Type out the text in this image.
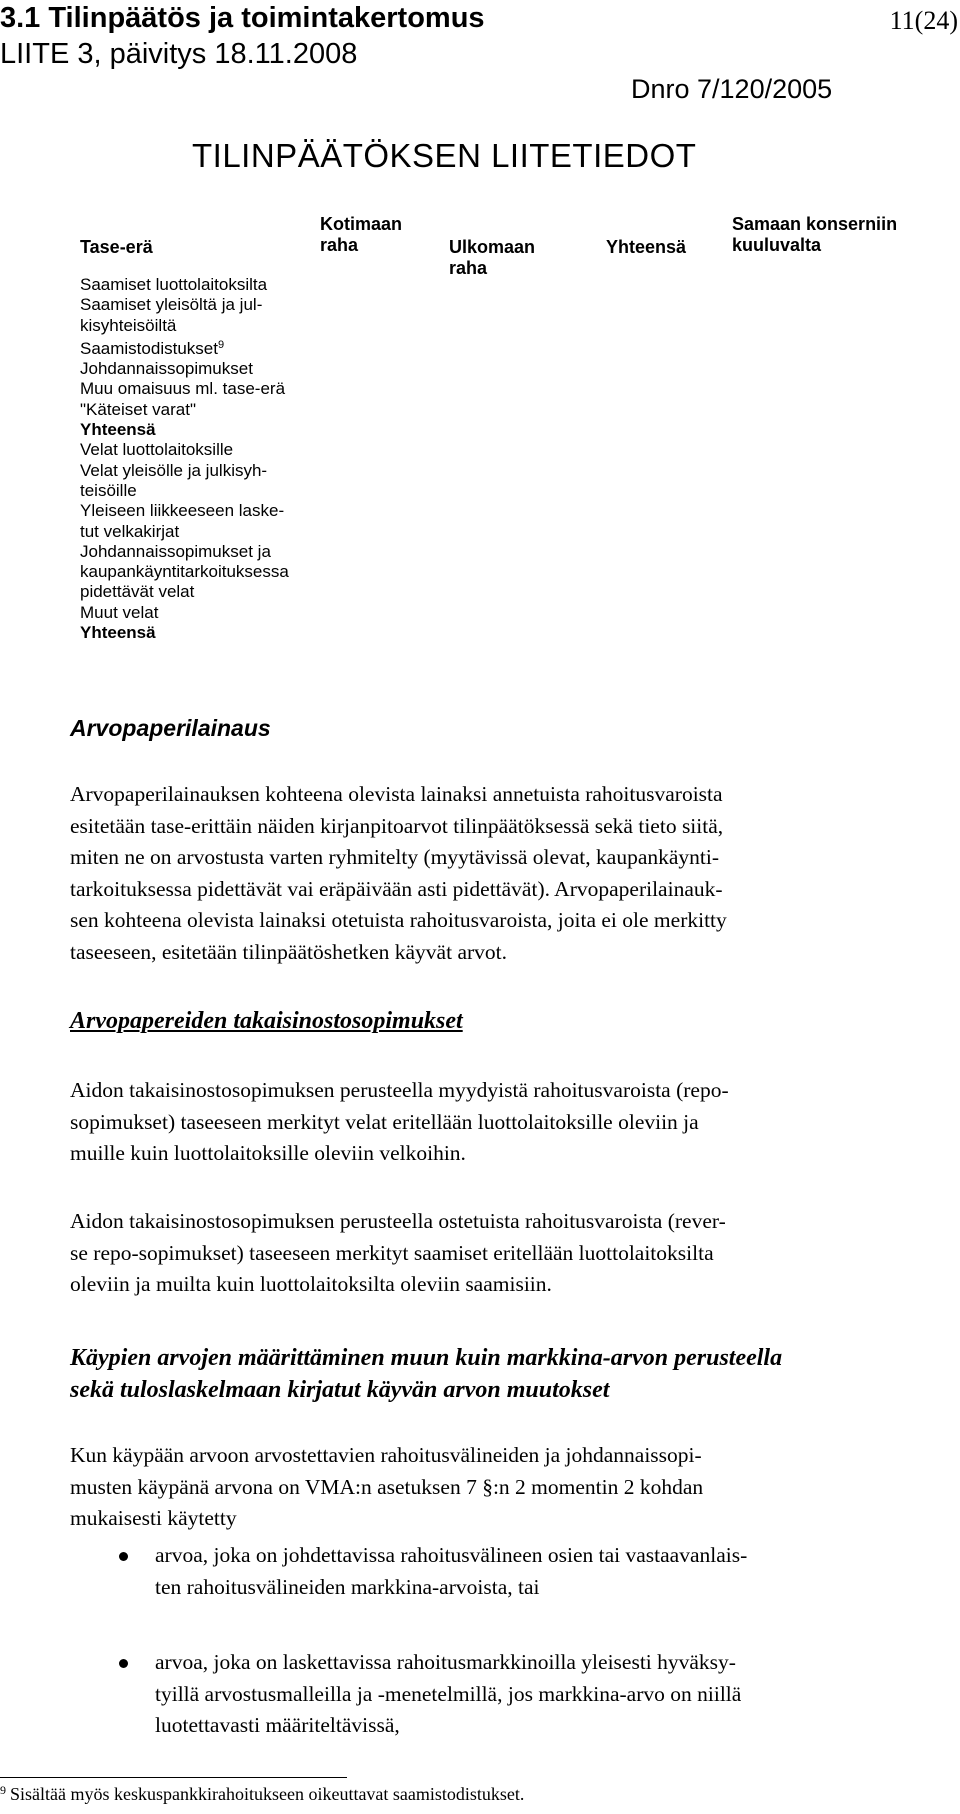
3.1 Tilinpäätös ja toimintakertomus
LIITE 3, päivitys 18.11.2008
11(24)
Dnro 7/120/2005
TILINPÄÄTÖKSEN LIITETIEDOT
Tase-erä
Kotimaan
raha	Ulkomaan
raha
Yhteensä
Samaan konserniin
kuuluvalta
Saamiset luottolaitoksilta
Saamiset yleisöltä ja jul-
kisyhteisöiltä
Saamistodistukset$^9$
Johdannaissopimukset
Muu omaisuus ml. tase-erä
"Käteiset varat"
Yhteensä
Velat luottolaitoksille
Velat yleisölle ja julkisyh-
teisöille
Yleiseen liikkeeseen laske-
tut velkakirjat
Johdannaissopimukset ja
kaupankäyntitarkoituksessa
pidettävät velat
Muut velat
Yhteensä
Arvopaperilainaus
Arvopaperilainauksen kohteena olevista lainaksi annetuista rahoitusvaroista
esitetään tase-erittäin näiden kirjanpitoarvot tilinpäätöksessä sekä tieto siitä,
miten ne on arvostusta varten ryhmitelty (myytävissä olevat, kaupankäynti-
tarkoituksessa pidettävät vai eräpäivään asti pidettävät). Arvopaperilainauk-
sen kohteena olevista lainaksi otetuista rahoitusvaroista, joita ei ole merkitty
taseeseen, esitetään tilinpäätöshetken käyvät arvot.
Arvopapereiden takaisinostosopimukset
Aidon takaisinostosopimuksen perusteella myydyistä rahoitusvaroista (repo-
sopimukset) taseeseen merkityt velat eritellään luottolaitoksille oleviin ja
muille kuin luottolaitoksille oleviin velkoihin.
Aidon takaisinostosopimuksen perusteella ostetuista rahoitusvaroista (rever-
se repo-sopimukset) taseeseen merkityt saamiset eritellään luottolaitoksilta
oleviin ja muilta kuin luottolaitoksilta oleviin saamisiin.
Käypien arvojen määrittäminen muun kuin markkina-arvon perusteella
sekä tuloslaskelmaan kirjatut käyvän arvon muutokset
Kun käypään arvoon arvostettavien rahoitusvälineiden ja johdannaissopi-
musten käypänä arvona on VMA:n asetuksen 7 §:n 2 momentin 2 kohdan
mukaisesti käytetty
arvoa, joka on johdettavissa rahoitusvälineen osien tai vastaavanlais-
ten rahoitusvälineiden markkina-arvoista, tai
arvoa, joka on laskettavissa rahoitusmarkkinoilla yleisesti hyväksy-
tyillä arvostusmalleilla ja -menetelmillä, jos markkina-arvo on niillä
luotettavasti määriteltävissä,
$^9$ Sisältää myös keskuspankkirahoitukseen oikeuttavat saamistodistukset.
